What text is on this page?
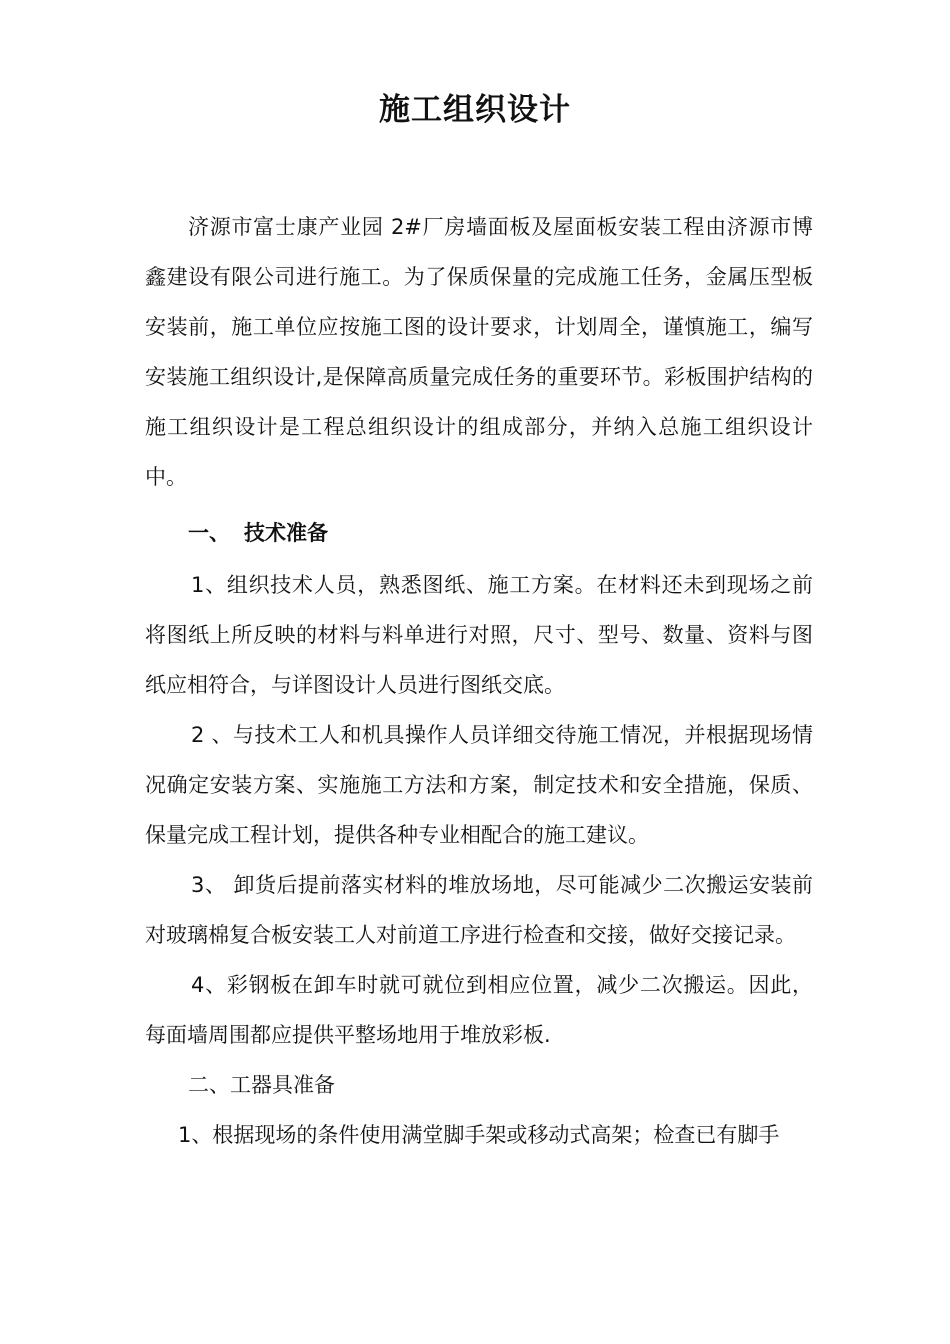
施工组织设计

济源市富士康产业园 2#厂房墙面板及屋面板安装工程由济源市博鑫建设有限公司进行施工。为了保质保量的完成施工任务，金属压型板安装前，施工单位应按施工图的设计要求，计划周全，谨慎施工，编写安装施工组织设计,是保障高质量完成任务的重要环节。彩板围护结构的施工组织设计是工程总组织设计的组成部分，并纳入总施工组织设计中。

一、 技术准备

1、组织技术人员，熟悉图纸、施工方案。在材料还未到现场之前将图纸上所反映的材料与料单进行对照，尺寸、型号、数量、资料与图纸应相符合，与详图设计人员进行图纸交底。

2 、与技术工人和机具操作人员详细交待施工情况，并根据现场情况确定安装方案、实施施工方法和方案，制定技术和安全措施，保质、保量完成工程计划，提供各种专业相配合的施工建议。

3、 卸货后提前落实材料的堆放场地，尽可能减少二次搬运安装前对玻璃棉复合板安装工人对前道工序进行检查和交接，做好交接记录。

4、彩钢板在卸车时就可就位到相应位置，减少二次搬运。因此，每面墙周围都应提供平整场地用于堆放彩板.

二、工器具准备

1、根据现场的条件使用满堂脚手架或移动式高架；检查已有脚手
